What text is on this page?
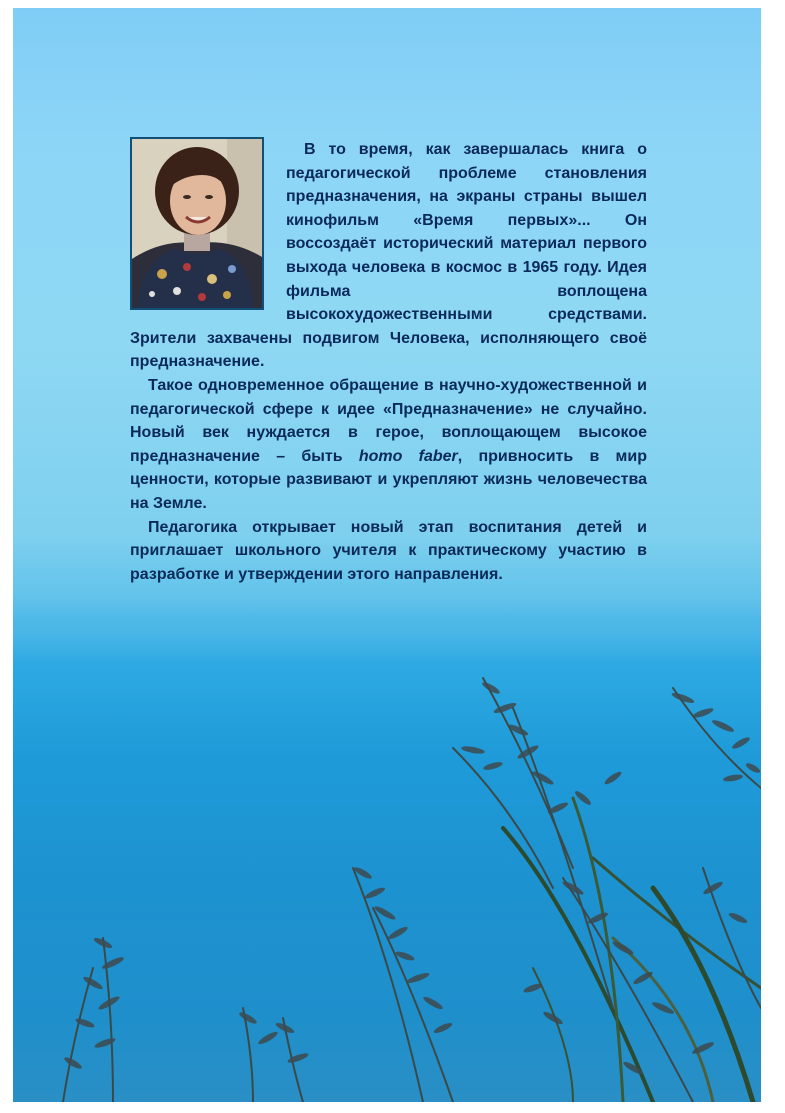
В то время, как завершалась книга о педагогической проблеме становления предназначения, на экраны страны вышел кинофильм «Время первых»... Он воссоздаёт исторический материал первого выхода человека в космос в 1965 году. Идея фильма воплощена высокохудожественными средствами. Зрители захвачены подвигом Человека, исполняющего своё предназначение.

Такое одновременное обращение в научно-художественной и педагогической сфере к идее «Предназначение» не случайно. Новый век нуждается в герое, воплощающем высокое предназначение – быть homo faber, привносить в мир ценности, которые развивают и укрепляют жизнь человечества на Земле.

Педагогика открывает новый этап воспитания детей и приглашает школьного учителя к практическому участию в разработке и утверждении этого направления.
